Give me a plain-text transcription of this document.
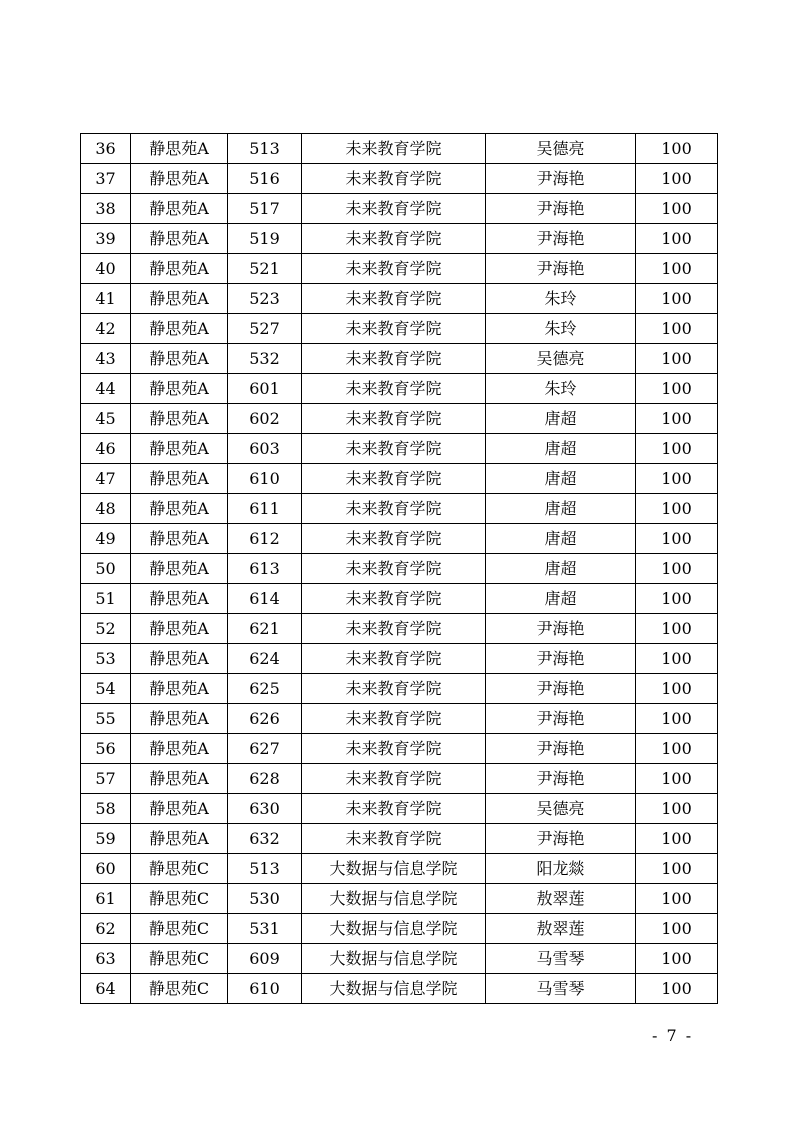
36	静思苑A	513	未来教育学院	吴德亮	100
37	静思苑A	516	未来教育学院	尹海艳	100
38	静思苑A	517	未来教育学院	尹海艳	100
39	静思苑A	519	未来教育学院	尹海艳	100
40	静思苑A	521	未来教育学院	尹海艳	100
41	静思苑A	523	未来教育学院	朱玲	100
42	静思苑A	527	未来教育学院	朱玲	100
43	静思苑A	532	未来教育学院	吴德亮	100
44	静思苑A	601	未来教育学院	朱玲	100
45	静思苑A	602	未来教育学院	唐超	100
46	静思苑A	603	未来教育学院	唐超	100
47	静思苑A	610	未来教育学院	唐超	100
48	静思苑A	611	未来教育学院	唐超	100
49	静思苑A	612	未来教育学院	唐超	100
50	静思苑A	613	未来教育学院	唐超	100
51	静思苑A	614	未来教育学院	唐超	100
52	静思苑A	621	未来教育学院	尹海艳	100
53	静思苑A	624	未来教育学院	尹海艳	100
54	静思苑A	625	未来教育学院	尹海艳	100
55	静思苑A	626	未来教育学院	尹海艳	100
56	静思苑A	627	未来教育学院	尹海艳	100
57	静思苑A	628	未来教育学院	尹海艳	100
58	静思苑A	630	未来教育学院	吴德亮	100
59	静思苑A	632	未来教育学院	尹海艳	100
60	静思苑C	513	大数据与信息学院	阳龙燚	100
61	静思苑C	530	大数据与信息学院	敖翠莲	100
62	静思苑C	531	大数据与信息学院	敖翠莲	100
63	静思苑C	609	大数据与信息学院	马雪琴	100
64	静思苑C	610	大数据与信息学院	马雪琴	100
- 7 -
